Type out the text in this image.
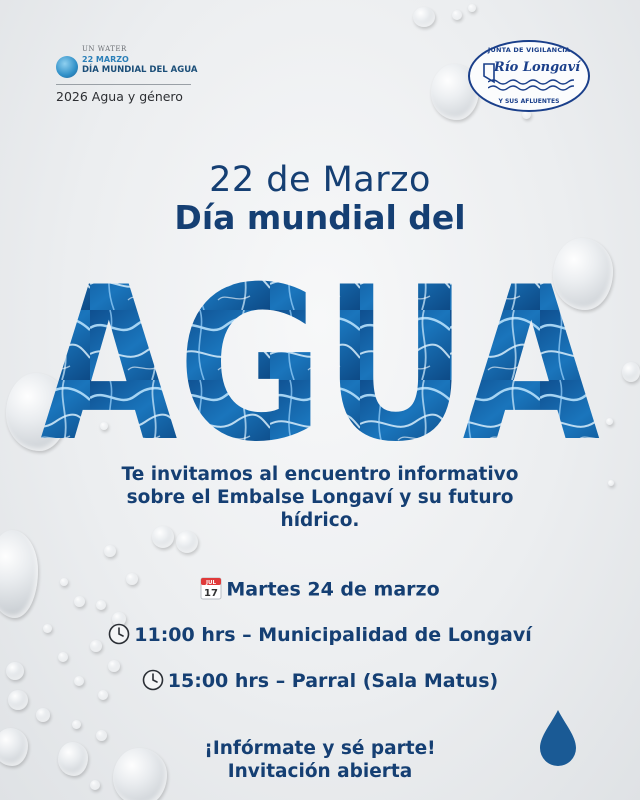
UN WATER
22 MARZO
DÍA MUNDIAL DEL AGUA
2026 Agua y género
JUNTA DE VIGILANCIA
Río Longaví
Y SUS AFLUENTES
22 de Marzo
Día mundial del
AGUA
Te invitamos al encuentro informativo
sobre el Embalse Longaví y su futuro
hídrico.
JUL
17 Martes 24 de marzo
11:00 hrs – Municipalidad de Longaví
15:00 hrs – Parral (Sala Matus)
¡Infórmate y sé parte!
Invitación abierta
